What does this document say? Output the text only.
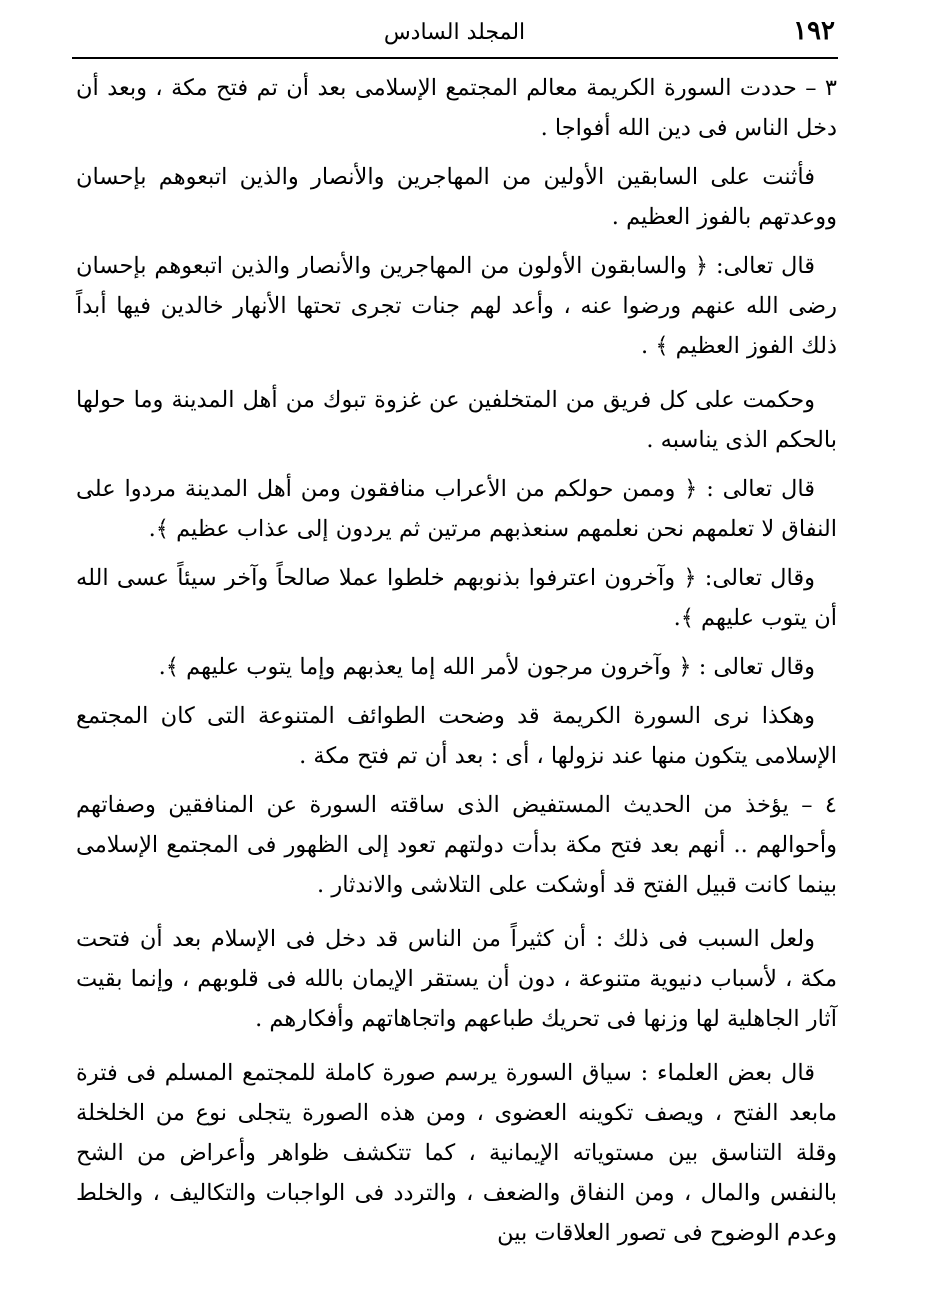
١٩٢
المجلد السادس

٣ – حددت السورة الكريمة معالم المجتمع الإسلامى بعد أن تم فتح مكة ، وبعد أن دخل الناس فى دين الله أفواجا .

فأثنت على السابقين الأولين من المهاجرين والأنصار والذين اتبعوهم بإحسان ووعدتهم بالفوز العظيم .

قال تعالى: ﴿ والسابقون الأولون من المهاجرين والأنصار والذين اتبعوهم بإحسان رضى الله عنهم ورضوا عنه ، وأعد لهم جنات تجرى تحتها الأنهار خالدين فيها أبداً ذلك الفوز العظيم ﴾ .

وحكمت على كل فريق من المتخلفين عن غزوة تبوك من أهل المدينة وما حولها بالحكم الذى يناسبه .

قال تعالى : ﴿ وممن حولكم من الأعراب منافقون ومن أهل المدينة مردوا على النفاق لا تعلمهم نحن نعلمهم سنعذبهم مرتين ثم يردون إلى عذاب عظيم ﴾.

وقال تعالى: ﴿ وآخرون اعترفوا بذنوبهم خلطوا عملا صالحاً وآخر سيئاً عسى الله أن يتوب عليهم ﴾.

وقال تعالى : ﴿ وآخرون مرجون لأمر الله إما يعذبهم وإما يتوب عليهم ﴾.

وهكذا نرى السورة الكريمة قد وضحت الطوائف المتنوعة التى كان المجتمع الإسلامى يتكون منها عند نزولها ، أى : بعد أن تم فتح مكة .

٤ – يؤخذ من الحديث المستفيض الذى ساقته السورة عن المنافقين وصفاتهم وأحوالهم .. أنهم بعد فتح مكة بدأت دولتهم تعود إلى الظهور فى المجتمع الإسلامى بينما كانت قبيل الفتح قد أوشكت على التلاشى والاندثار .

ولعل السبب فى ذلك : أن كثيراً من الناس قد دخل فى الإسلام بعد أن فتحت مكة ، لأسباب دنيوية متنوعة ، دون أن يستقر الإيمان بالله فى قلوبهم ، وإنما بقيت آثار الجاهلية لها وزنها فى تحريك طباعهم واتجاهاتهم وأفكارهم .

قال بعض العلماء : سياق السورة يرسم صورة كاملة للمجتمع المسلم فى فترة مابعد الفتح ، ويصف تكوينه العضوى ، ومن هذه الصورة يتجلى نوع من الخلخلة وقلة التناسق بين مستوياته الإيمانية ، كما تتكشف ظواهر وأعراض من الشح بالنفس والمال ، ومن النفاق والضعف ، والتردد فى الواجبات والتكاليف ، والخلط وعدم الوضوح فى تصور العلاقات بين
